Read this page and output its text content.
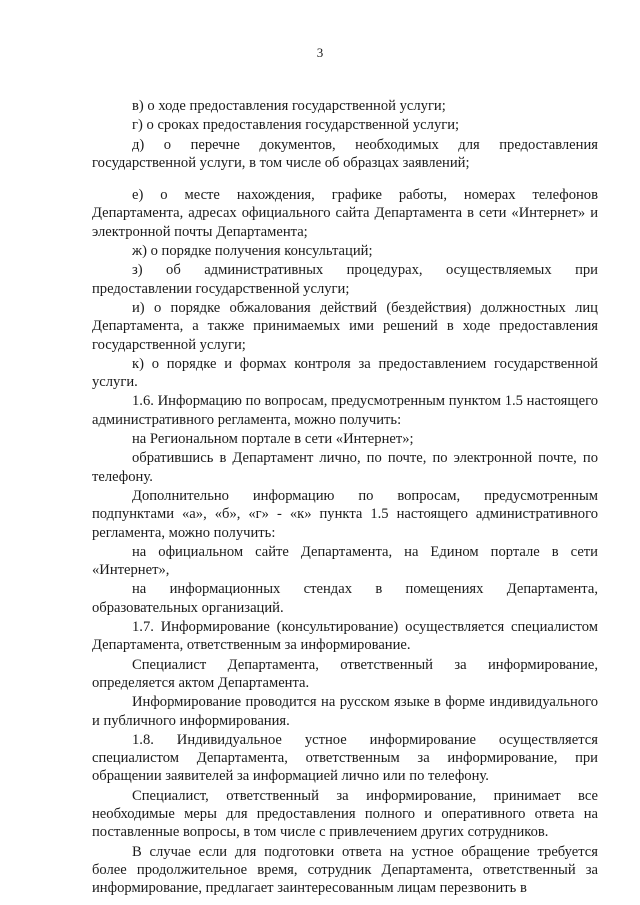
3

в) о ходе предоставления государственной услуги;

г) о сроках предоставления государственной услуги;

д) о перечне документов, необходимых для предоставления государственной услуги, в том числе об образцах заявлений;

е) о месте нахождения, графике работы, номерах телефонов Департамента, адресах официального сайта Департамента в сети «Интернет» и электронной почты Департамента;

ж) о порядке получения консультаций;

з) об административных процедурах, осуществляемых при предоставлении государственной услуги;

и) о порядке обжалования действий (бездействия) должностных лиц Департамента, а также принимаемых ими решений в ходе предоставления государственной услуги;

к) о порядке и формах контроля за предоставлением государственной услуги.

1.6. Информацию по вопросам, предусмотренным пунктом 1.5 настоящего административного регламента, можно получить:

на Региональном портале в сети «Интернет»;

обратившись в Департамент лично, по почте, по электронной почте, по телефону.

Дополнительно информацию по вопросам, предусмотренным подпунктами «а», «б», «г» - «к» пункта 1.5 настоящего административного регламента, можно получить:

на официальном сайте Департамента, на Едином портале в сети «Интернет»,

на информационных стендах в помещениях Департамента, образовательных организаций.

1.7. Информирование (консультирование) осуществляется специалистом Департамента, ответственным за информирование.

Специалист Департамента, ответственный за информирование, определяется актом Департамента.

Информирование проводится на русском языке в форме индивидуального и публичного информирования.

1.8. Индивидуальное устное информирование осуществляется специалистом Департамента, ответственным за информирование, при обращении заявителей за информацией лично или по телефону.

Специалист, ответственный за информирование, принимает все необходимые меры для предоставления полного и оперативного ответа на поставленные вопросы, в том числе с привлечением других сотрудников.

В случае если для подготовки ответа на устное обращение требуется более продолжительное время, сотрудник Департамента, ответственный за информирование, предлагает заинтересованным лицам перезвонить в
